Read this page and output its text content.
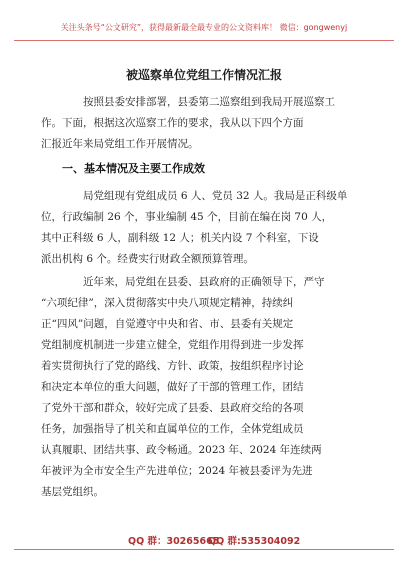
关注头条号“公文研究”，获得最新最全最专业的公文资料库！ 微信：gongwenyj
被巡察单位党组工作情况汇报
按照县委安排部署，县委第二巡察组到我局开展巡察工
作。下面，根据这次巡察工作的要求，我从以下四个方面
汇报近年来局党组工作开展情况。
一、基本情况及主要工作成效
局党组现有党组成员 6 人、党员 32 人。我局是正科级单
位，行政编制 26 个，事业编制 45 个，目前在编在岗 70 人，
其中正科级 6 人，副科级 12 人；机关内设 7 个科室，下设
派出机构 6 个。经费实行财政全额预算管理。
近年来，局党组在县委、县政府的正确领导下，严守
“六项纪律”，深入贯彻落实中央八项规定精神，持续纠
正“四风”问题，自觉遵守中央和省、市、县委有关规定
党组制度机制进一步建立健全，党组作用得到进一步发挥
着实贯彻执行了党的路线、方针、政策，按组织程序讨论
和决定本单位的重大问题，做好了干部的管理工作，团结
了党外干部和群众，较好完成了县委、县政府交给的各项
任务，加强指导了机关和直属单位的工作，全体党组成员
认真履职、团结共事、政令畅通。2023 年、2024 年连续两
年被评为全市安全生产先进单位；2024 年被县委评为先进
基层党组织。
QQ 群：30265665
QQ 群:535304092
